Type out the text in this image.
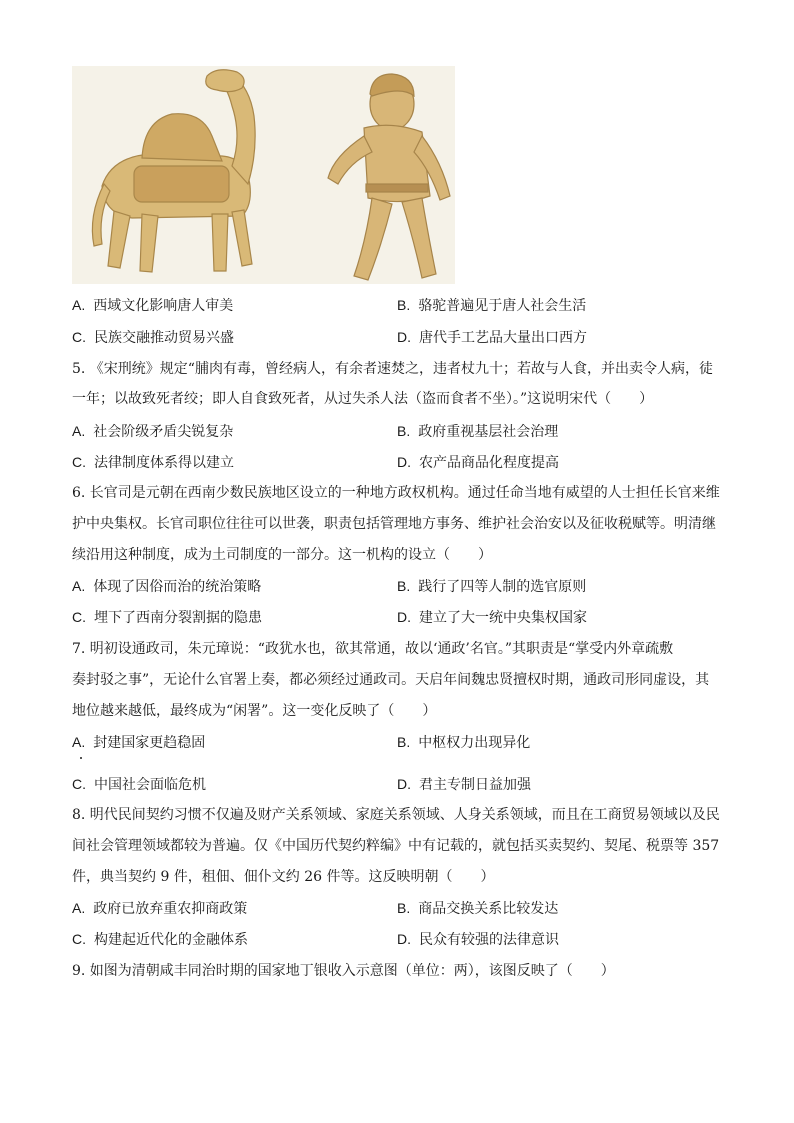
A. 西域文化影响唐人审美	B. 骆驼普遍见于唐人社会生活
C. 民族交融推动贸易兴盛	D. 唐代手工艺品大量出口西方
5. 《宋刑统》规定“脯肉有毒，曾经病人，有余者速焚之，违者杖九十；若故与人食，并出卖令人病，徒
一年；以故致死者绞；即人自食致死者，从过失杀人法（盗而食者不坐）。”这说明宋代（　　）
A. 社会阶级矛盾尖锐复杂	B. 政府重视基层社会治理
C. 法律制度体系得以建立	D. 农产品商品化程度提高
6. 长官司是元朝在西南少数民族地区设立的一种地方政权机构。通过任命当地有威望的人士担任长官来维
护中央集权。长官司职位往往可以世袭，职责包括管理地方事务、维护社会治安以及征收税赋等。明清继
续沿用这种制度，成为土司制度的一部分。这一机构的设立（　　）
A. 体现了因俗而治的统治策略	B. 践行了四等人制的选官原则
C. 埋下了西南分裂割据的隐患	D. 建立了大一统中央集权国家
7. 明初设通政司，朱元璋说：“政犹水也，欲其常通，故以‘通政’名官。”其职责是“掌受内外章疏敷
奏封驳之事”，无论什么官署上奏，都必须经过通政司。天启年间魏忠贤擅权时期，通政司形同虚设，其
地位越来越低，最终成为“闲署”。这一变化反映了（　　）
A. 封建国家更趋稳固	B. 中枢权力出现异化
C. 中国社会面临危机	D. 君主专制日益加强
8. 明代民间契约习惯不仅遍及财产关系领域、家庭关系领域、人身关系领域，而且在工商贸易领域以及民
间社会管理领域都较为普遍。仅《中国历代契约粹编》中有记载的，就包括买卖契约、契尾、税票等 357
件，典当契约 9 件，租佃、佃仆文约 26 件等。这反映明朝（　　）
A. 政府已放弃重农抑商政策	B. 商品交换关系比较发达
C. 构建起近代化的金融体系	D. 民众有较强的法律意识
9. 如图为清朝咸丰同治时期的国家地丁银收入示意图（单位：两），该图反映了（　　）
